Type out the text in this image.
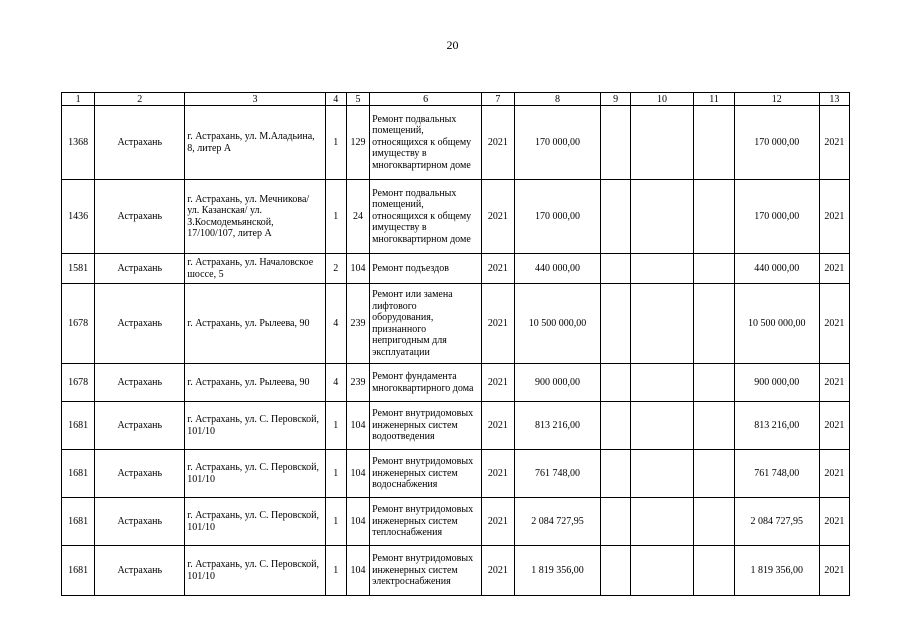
20
1	2	3	4	5	6	7	8	9	10	11	12	13
1368	Астрахань	г. Астрахань, ул. М.Аладьина, 8, литер А	1	129	Ремонт подвальных помещений, относящихся к общему имуществу в многоквартирном доме	2021	170 000,00				170 000,00	2021
1436	Астрахань	г. Астрахань, ул. Мечникова/ ул. Казанская/ ул. З.Космодемьянской, 17/100/107, литер А	1	24	Ремонт подвальных помещений, относящихся к общему имуществу в многоквартирном доме	2021	170 000,00				170 000,00	2021
1581	Астрахань	г. Астрахань, ул. Началовское шоссе, 5	2	104	Ремонт подъездов	2021	440 000,00				440 000,00	2021
1678	Астрахань	г. Астрахань, ул. Рылеева, 90	4	239	Ремонт или замена лифтового оборудования, признанного непригодным для эксплуатации	2021	10 500 000,00				10 500 000,00	2021
1678	Астрахань	г. Астрахань, ул. Рылеева, 90	4	239	Ремонт фундамента многоквартирного дома	2021	900 000,00				900 000,00	2021
1681	Астрахань	г. Астрахань, ул. С. Перовской, 101/10	1	104	Ремонт внутридомовых инженерных систем водоотведения	2021	813 216,00				813 216,00	2021
1681	Астрахань	г. Астрахань, ул. С. Перовской, 101/10	1	104	Ремонт внутридомовых инженерных систем водоснабжения	2021	761 748,00				761 748,00	2021
1681	Астрахань	г. Астрахань, ул. С. Перовской, 101/10	1	104	Ремонт внутридомовых инженерных систем теплоснабжения	2021	2 084 727,95				2 084 727,95	2021
1681	Астрахань	г. Астрахань, ул. С. Перовской, 101/10	1	104	Ремонт внутридомовых инженерных систем электроснабжения	2021	1 819 356,00				1 819 356,00	2021
